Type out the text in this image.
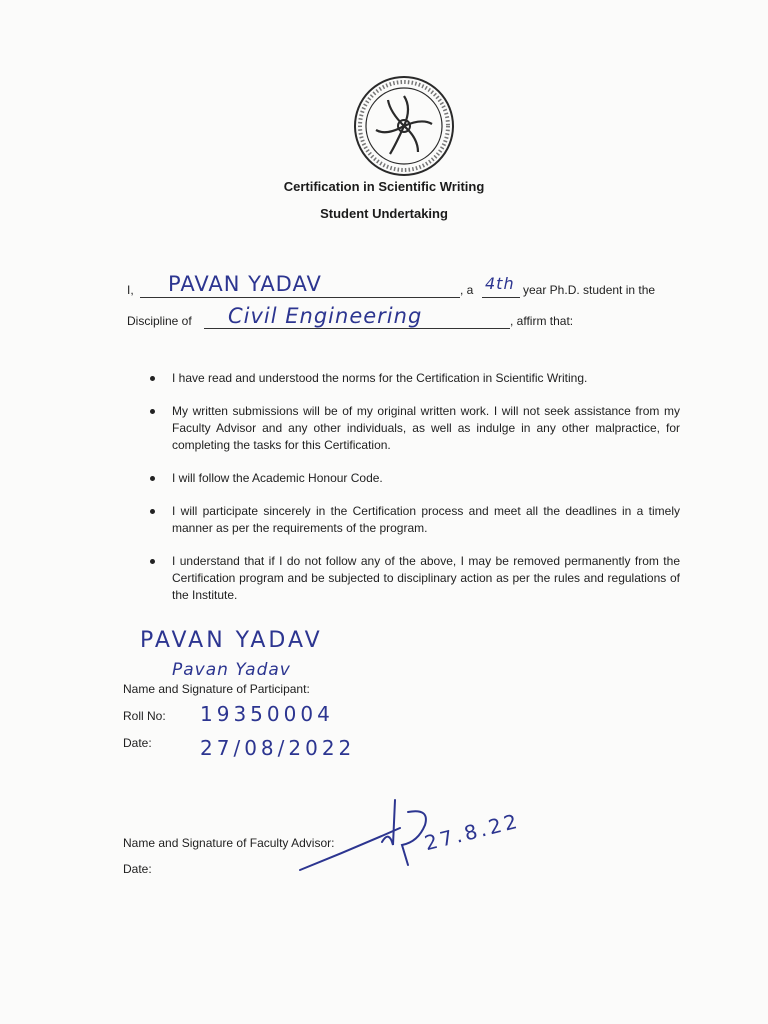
Certification in Scientific Writing
Student Undertaking
I, PAVAN YADAV	, a 4th year Ph.D. student in the
Discipline of Civil Engineering	, affirm that:
I have read and understood the norms for the Certification in Scientific Writing.
My written submissions will be of my original written work. I will not seek assistance from my Faculty Advisor and any other individuals, as well as indulge in any other malpractice, for completing the tasks for this Certification.
I will follow the Academic Honour Code.
I will participate sincerely in the Certification process and meet all the deadlines in a timely manner as per the requirements of the program.
I understand that if I do not follow any of the above, I may be removed permanently from the Certification program and be subjected to disciplinary action as per the rules and regulations of the Institute.
PAVAN YADAV
Pavan Yadav
Name and Signature of Participant:
Roll No: 19350004
Date: 27/08/2022
Name and Signature of Faculty Advisor:
Date:
27.8.22
